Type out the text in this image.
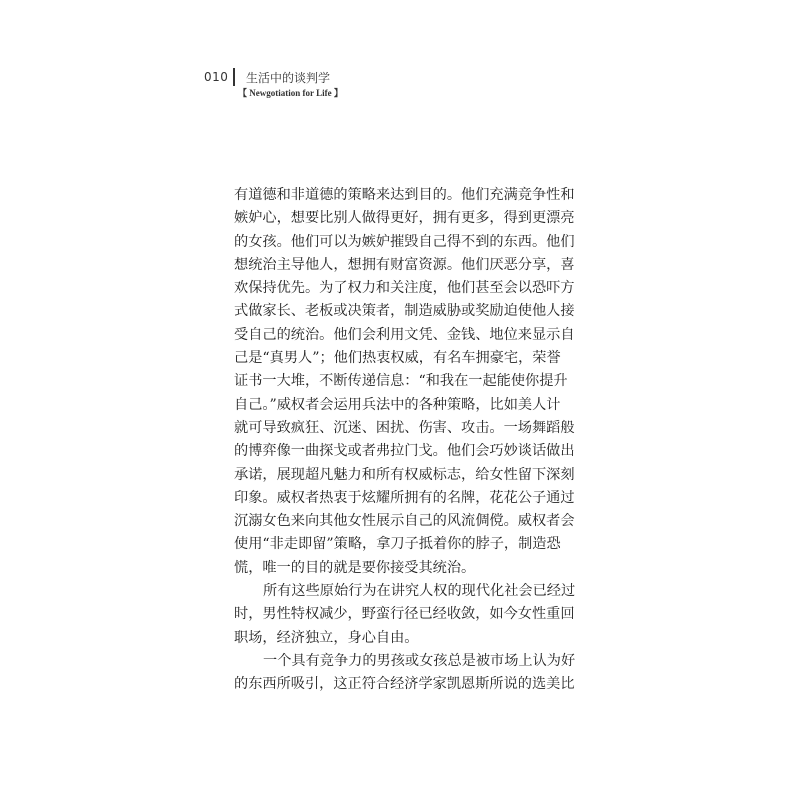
010 生活中的谈判学
【 Newgotiation for Life 】
有道德和非道德的策略来达到目的。他们充满竞争性和
嫉妒心，想要比别人做得更好，拥有更多，得到更漂亮
的女孩。他们可以为嫉妒摧毁自己得不到的东西。他们
想统治主导他人，想拥有财富资源。他们厌恶分享，喜
欢保持优先。为了权力和关注度，他们甚至会以恐吓方
式做家长、老板或决策者，制造威胁或奖励迫使他人接
受自己的统治。他们会利用文凭、金钱、地位来显示自
己是“真男人”；他们热衷权威，有名车拥豪宅，荣誉
证书一大堆，不断传递信息：“和我在一起能使你提升
自己。”威权者会运用兵法中的各种策略，比如美人计
就可导致疯狂、沉迷、困扰、伤害、攻击。一场舞蹈般
的博弈像一曲探戈或者弗拉门戈。他们会巧妙谈话做出
承诺，展现超凡魅力和所有权威标志，给女性留下深刻
印象。威权者热衷于炫耀所拥有的名牌，花花公子通过
沉溺女色来向其他女性展示自己的风流倜傥。威权者会
使用“非走即留”策略，拿刀子抵着你的脖子，制造恐
慌，唯一的目的就是要你接受其统治。
所有这些原始行为在讲究人权的现代化社会已经过
时，男性特权减少，野蛮行径已经收敛，如今女性重回
职场，经济独立，身心自由。
一个具有竞争力的男孩或女孩总是被市场上认为好
的东西所吸引，这正符合经济学家凯恩斯所说的选美比
